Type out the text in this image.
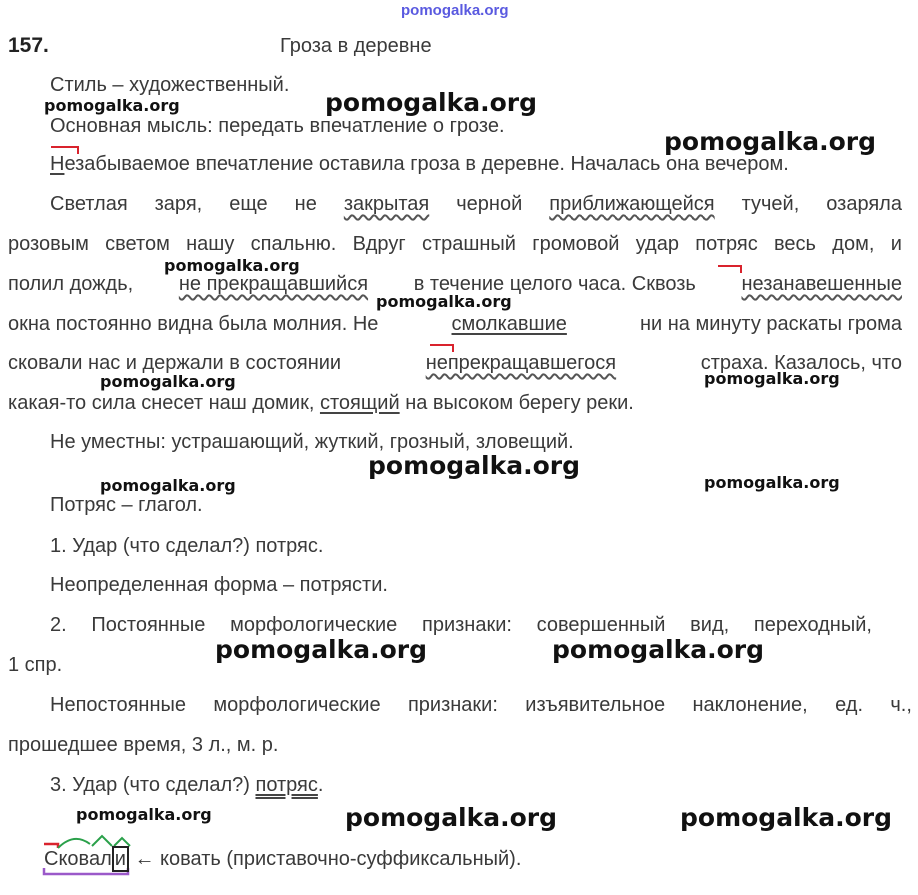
pomogalka.org
pomogalka.org	pomogalka.org
pomogalka.org
pomogalka.org
pomogalka.org
pomogalka.org	pomogalka.org
pomogalka.org
pomogalka.org	pomogalka.org
pomogalka.org	pomogalka.org
pomogalka.org	pomogalka.org	pomogalka.org
157.	Гроза в деревне
Стиль – художественный.
Основная мысль: передать впечатление о грозе.
Незабываемое впечатление оставила гроза в деревне. Началась она вечером.
Светлая заря, еще не закрытая черной приближающейся тучей, озаряла
розовым светом нашу спальню. Вдруг страшный громовой удар потряс весь дом, и
полил дождь, не прекращавшийся в течение целого часа. Сквозь незанавешенные
окна постоянно видна была молния. Не	смолкавшие	ни на минуту раскаты грома
сковали нас и держали в состоянии	непрекращавшегося	страха. Казалось, что
какая-то сила снесет наш домик, стоящий на высоком берегу реки.
Не уместны: устрашающий, жуткий, грозный, зловещий.
Потряс – глагол.
1. Удар (что сделал?) потряс.
Неопределенная форма – потрясти.
2. Постоянные морфологические признаки: совершенный вид, переходный,
1 спр.
Непостоянные морфологические признаки: изъявительное наклонение, ед. ч.,
прошедшее время, 3 л., м. р.
3. Удар (что сделал?) потряс.
Сковал и ← ковать (приставочно-суффиксальный).
